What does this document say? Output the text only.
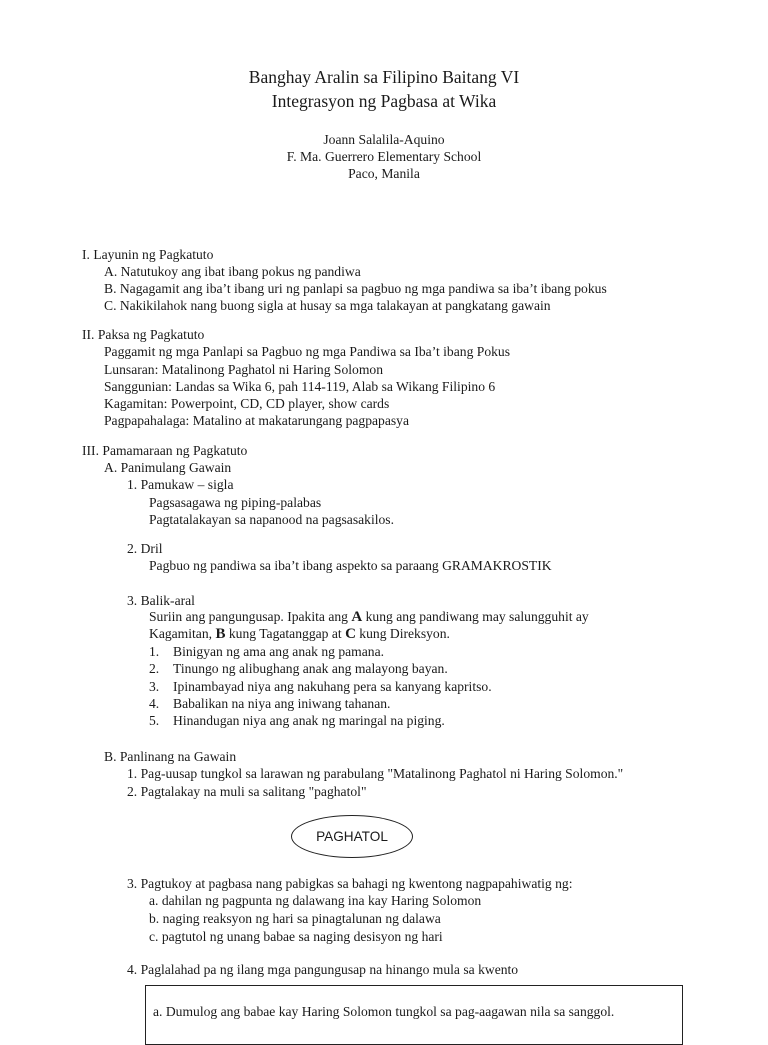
Banghay Aralin sa Filipino Baitang VI
Integrasyon ng Pagbasa at Wika
Joann Salalila-Aquino
F. Ma. Guerrero Elementary School
Paco, Manila
I. Layunin ng Pagkatuto
A. Natutukoy ang ibat ibang pokus ng pandiwa
B. Nagagamit ang iba’t ibang uri ng panlapi sa pagbuo ng mga pandiwa sa iba’t ibang pokus
C. Nakikilahok nang buong sigla at husay sa mga talakayan at pangkatang gawain
II. Paksa ng Pagkatuto
Paggamit ng mga Panlapi sa Pagbuo ng mga Pandiwa sa Iba’t ibang Pokus
Lunsaran: Matalinong Paghatol ni Haring Solomon
Sanggunian: Landas sa Wika 6, pah 114-119, Alab sa Wikang Filipino 6
Kagamitan: Powerpoint, CD, CD player, show cards
Pagpapahalaga: Matalino at makatarungang pagpapasya
III. Pamamaraan ng Pagkatuto
A. Panimulang Gawain
1. Pamukaw – sigla
Pagsasagawa ng piping-palabas
Pagtatalakayan sa napanood na pagsasakilos.
2. Dril
Pagbuo ng pandiwa sa iba’t ibang aspekto sa paraang GRAMAKROSTIK
3. Balik-aral
Suriin ang pangungusap. Ipakita ang A kung ang pandiwang may salungguhit ay
Kagamitan, B kung Tagatanggap at C kung Direksyon.
1. Binigyan ng ama ang anak ng pamana.
2. Tinungo ng alibughang anak ang malayong bayan.
3. Ipinambayad niya ang nakuhang pera sa kanyang kapritso.
4. Babalikan na niya ang iniwang tahanan.
5. Hinandugan niya ang anak ng maringal na piging.
B. Panlinang na Gawain
1. Pag-uusap tungkol sa larawan ng parabulang "Matalinong Paghatol ni Haring Solomon."
2. Pagtalakay na muli sa salitang "paghatol"
PAGHATOL
3. Pagtukoy at pagbasa nang pabigkas sa bahagi ng kwentong nagpapahiwatig ng:
a. dahilan ng pagpunta ng dalawang ina kay Haring Solomon
b. naging reaksyon ng hari sa pinagtalunan ng dalawa
c. pagtutol ng unang babae sa naging desisyon ng hari
4. Paglalahad pa ng ilang mga pangungusap na hinango mula sa kwento
a. Dumulog ang babae kay Haring Solomon tungkol sa pag-aagawan nila sa sanggol.
